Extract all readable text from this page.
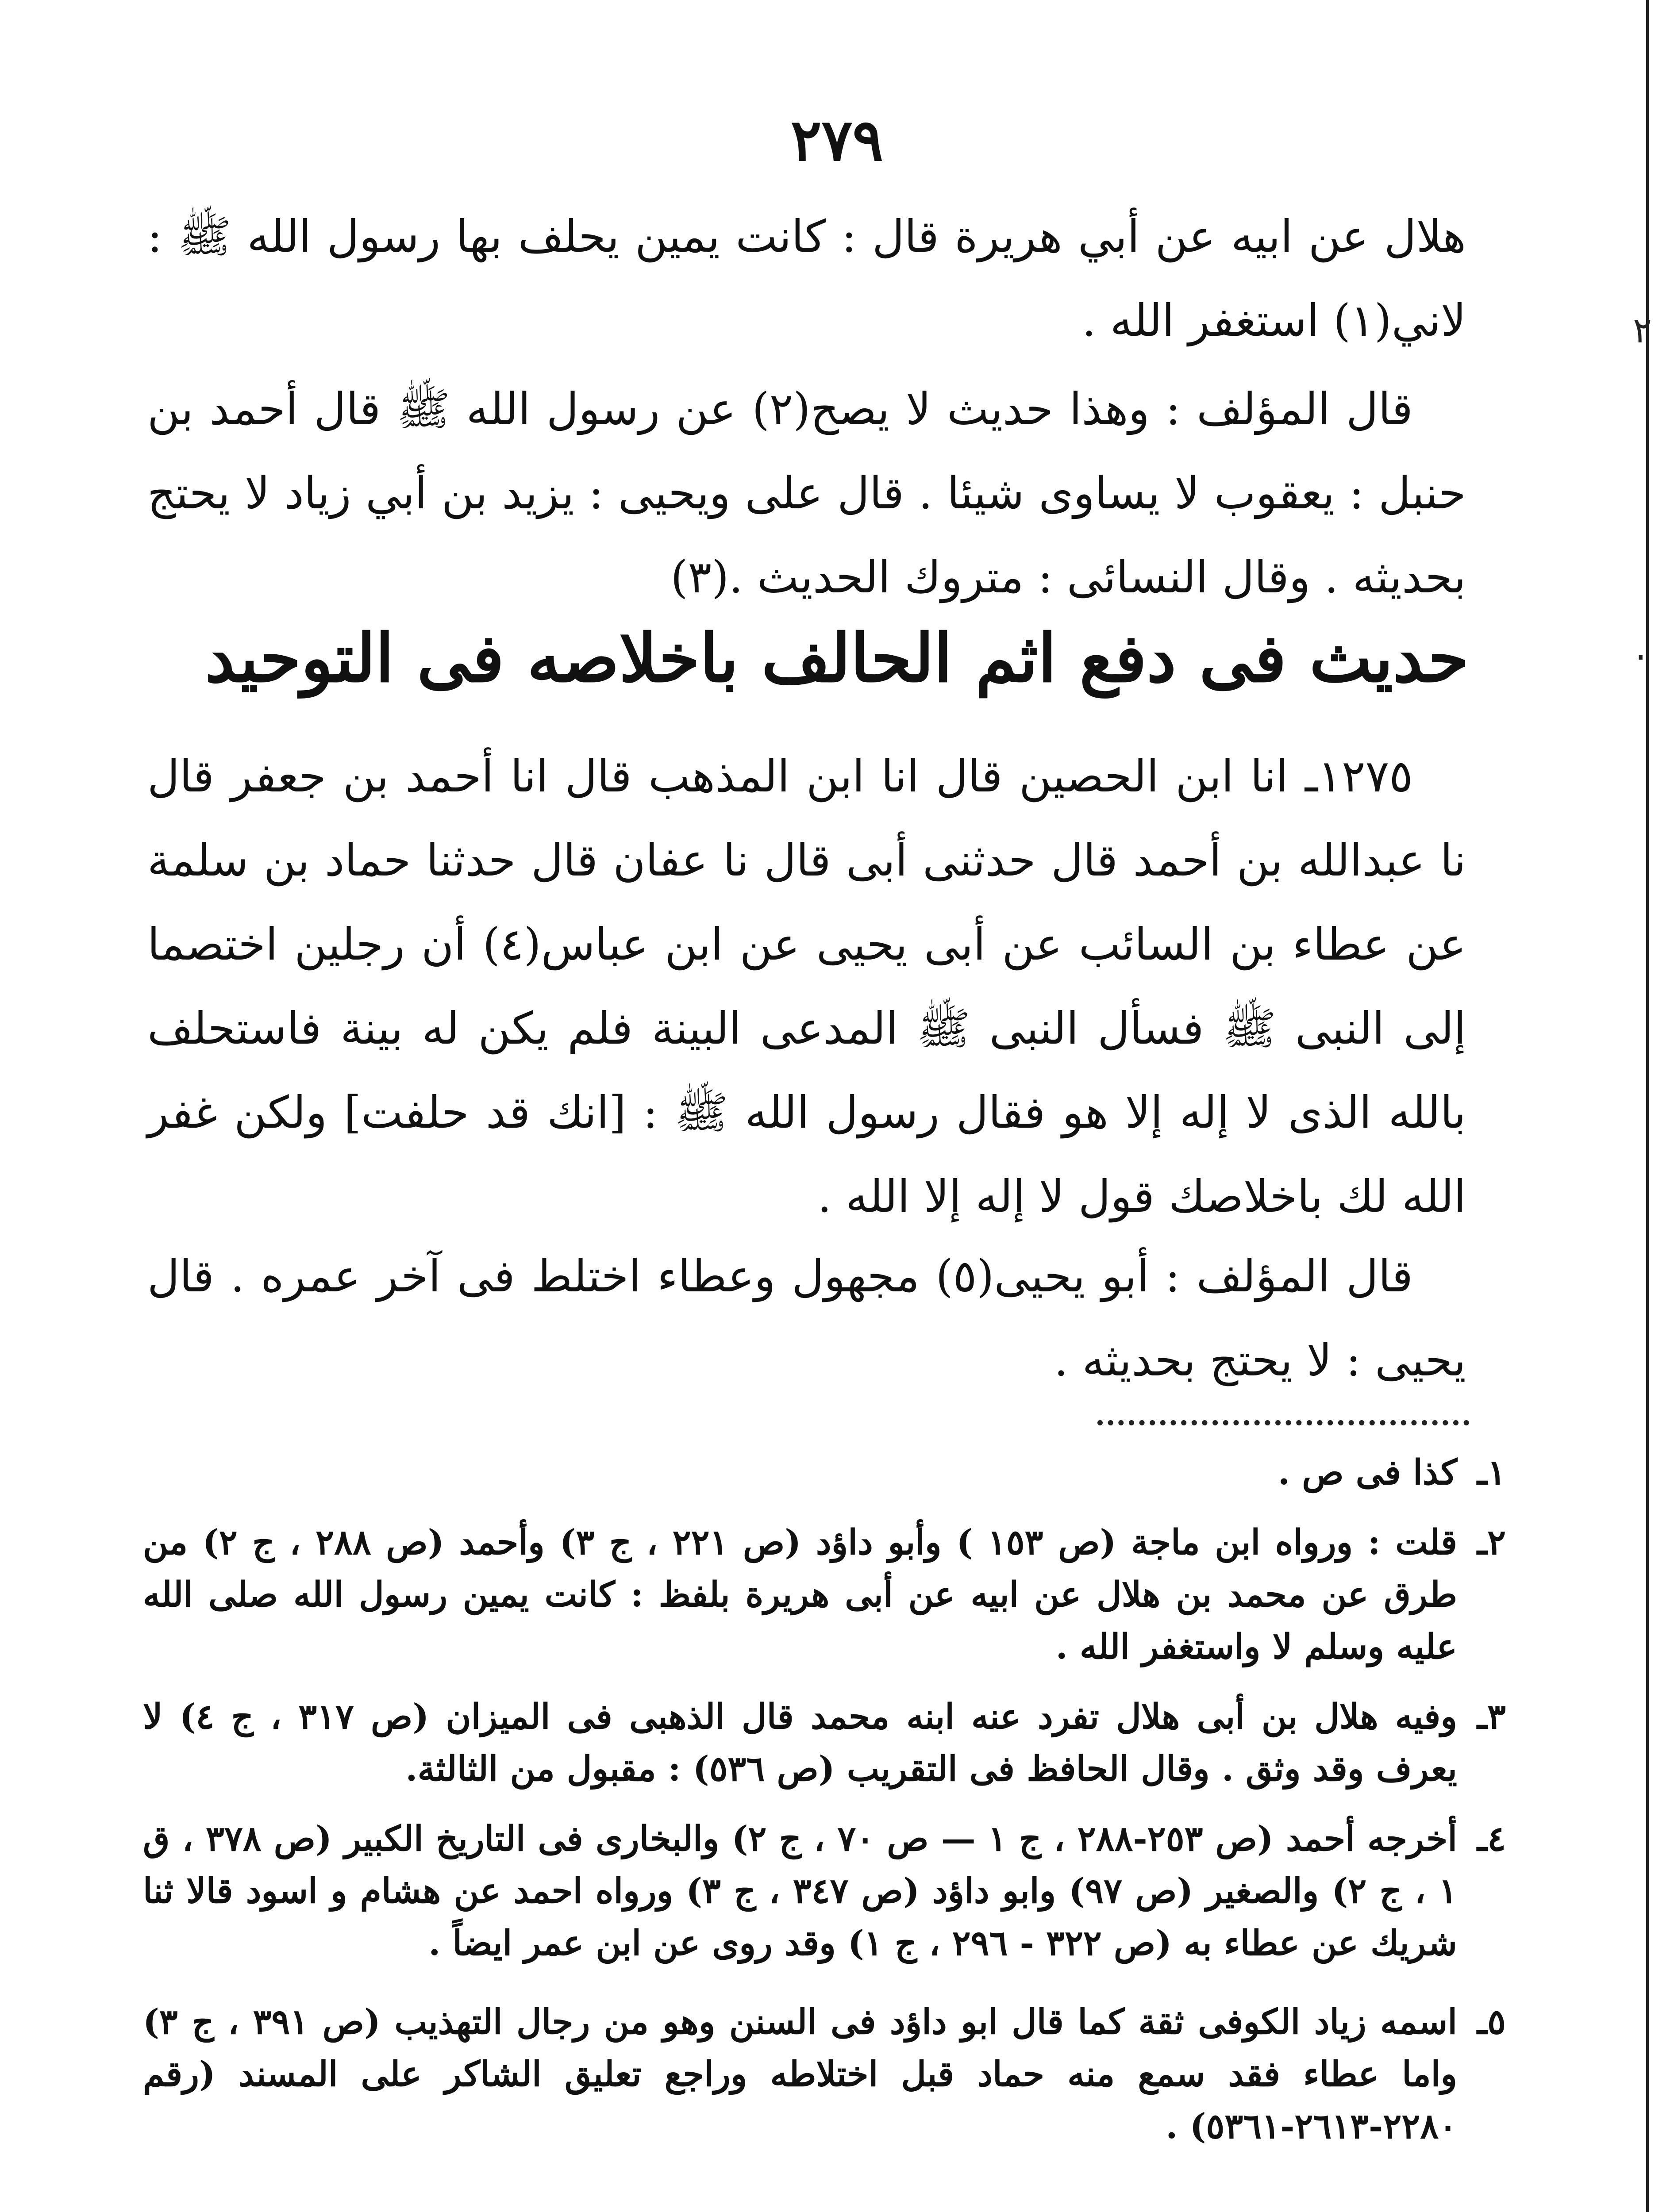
٢
·
٢٧٩

هلال عن ابيه عن أبي هريرة قال : كانت يمين يحلف بها رسول الله ﷺ : لاني(١) استغفر الله .

قال المؤلف : وهذا حديث لا يصح(٢) عن رسول الله ﷺ قال أحمد بن حنبل : يعقوب لا يساوى شيئا . قال على ويحيى : يزيد بن أبي زياد لا يحتج بحديثه . وقال النسائى : متروك الحديث .(٣)

حديث فى دفع اثم الحالف باخلاصه فى التوحيد

١٢٧٥ـ انا ابن الحصين قال انا ابن المذهب قال انا أحمد بن جعفر قال نا عبدالله بن أحمد قال حدثنى أبى قال نا عفان قال حدثنا حماد بن سلمة عن عطاء بن السائب عن أبى يحيى عن ابن عباس(٤) أن رجلين اختصما إلى النبى ﷺ فسأل النبى ﷺ المدعى البينة فلم يكن له بينة فاستحلف بالله الذى لا إله إلا هو فقال رسول الله ﷺ : [انك قد حلفت] ولكن غفر الله لك باخلاصك قول لا إله إلا الله .

قال المؤلف : أبو يحيى(٥) مجهول وعطاء اختلط فى آخر عمره . قال يحيى : لا يحتج بحديثه .

١ـ
كذا فى ص .
٢ـ
قلت : ورواه ابن ماجة (ص ١٥٣ ) وأبو داؤد (ص ٢٢١ ، ج ٣) وأحمد (ص ٢٨٨ ، ج ٢) من طرق عن محمد بن هلال عن ابيه عن أبى هريرة بلفظ : كانت يمين رسول الله صلى الله عليه وسلم لا واستغفر الله .
٣ـ
وفيه هلال بن أبى هلال تفرد عنه ابنه محمد قال الذهبى فى الميزان (ص ٣١٧ ، ج ٤) لا يعرف وقد وثق . وقال الحافظ فى التقريب (ص ٥٣٦) : مقبول من الثالثة.
٤ـ
أخرجه أحمد (ص ٢٥٣-٢٨٨ ، ج ١ — ص ٧٠ ، ج ٢) والبخارى فى التاريخ الكبير (ص ٣٧٨ ، ق ١ ، ج ٢) والصغير (ص ٩٧) وابو داؤد (ص ٣٤٧ ، ج ٣) ورواه احمد عن هشام و اسود قالا ثنا شريك عن عطاء به (ص ٣٢٢ - ٢٩٦ ، ج ١) وقد روى عن ابن عمر ايضاً .
٥ـ
اسمه زياد الكوفى ثقة كما قال ابو داؤد فى السنن وهو من رجال التهذيب (ص ٣٩١ ، ج ٣) واما عطاء فقد سمع منه حماد قبل اختلاطه وراجع تعليق الشاكر على المسند (رقم ٢٢٨٠-٢٦١٣-٥٣٦١) .
